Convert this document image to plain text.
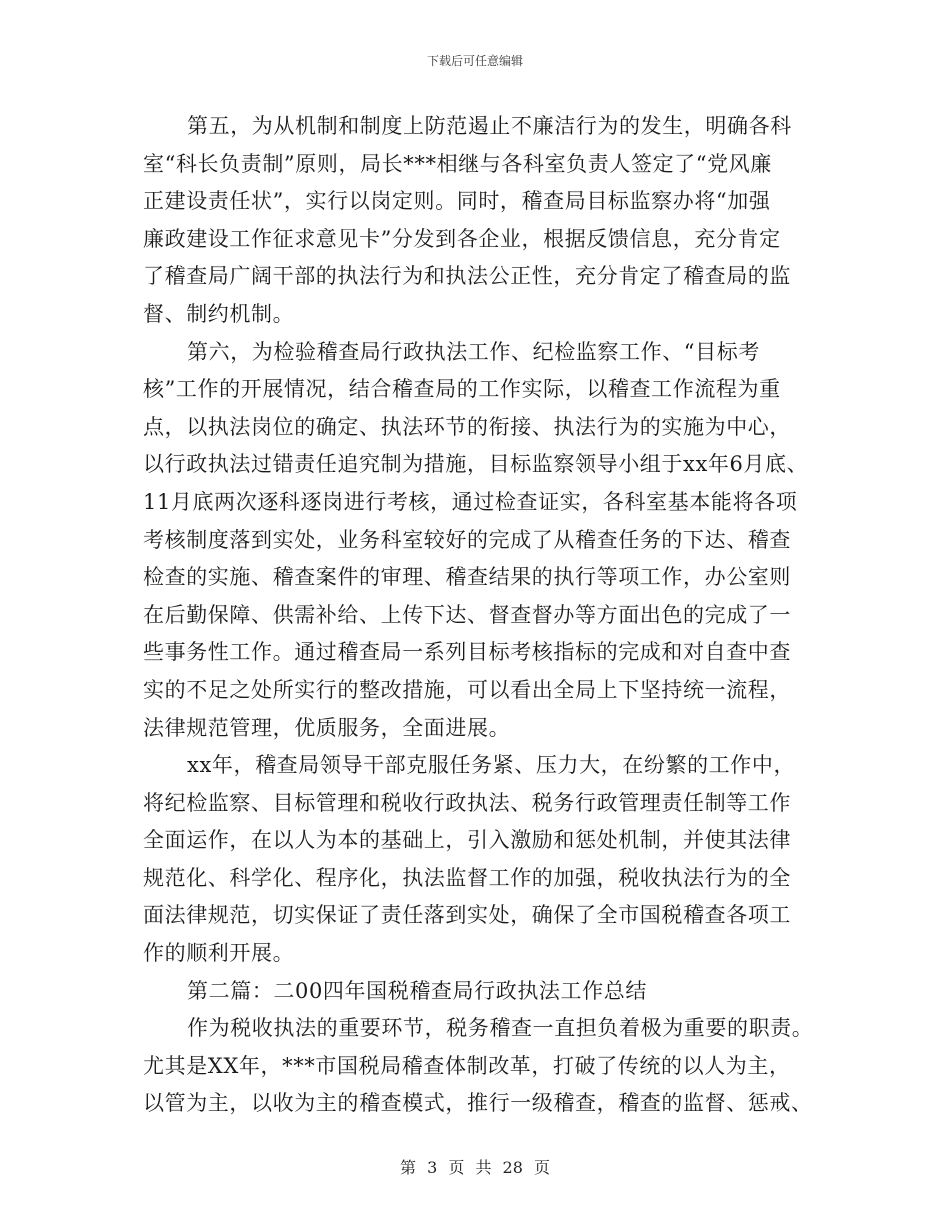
下载后可任意编辑
第五，为从机制和制度上防范遏止不廉洁行为的发生，明确各科
室“科长负责制”原则，局长***相继与各科室负责人签定了“党风廉
正建设责任状”，实行以岗定则。同时，稽查局目标监察办将“加强
廉政建设工作征求意见卡”分发到各企业，根据反馈信息，充分肯定
了稽查局广阔干部的执法行为和执法公正性，充分肯定了稽查局的监
督、制约机制。
第六，为检验稽查局行政执法工作、纪检监察工作、“目标考
核”工作的开展情况，结合稽查局的工作实际，以稽查工作流程为重
点，以执法岗位的确定、执法环节的衔接、执法行为的实施为中心，
以行政执法过错责任追究制为措施，目标监察领导小组于xx年6月底、
11月底两次逐科逐岗进行考核，通过检查证实，各科室基本能将各项
考核制度落到实处，业务科室较好的完成了从稽查任务的下达、稽查
检查的实施、稽查案件的审理、稽查结果的执行等项工作，办公室则
在后勤保障、供需补给、上传下达、督查督办等方面出色的完成了一
些事务性工作。通过稽查局一系列目标考核指标的完成和对自查中查
实的不足之处所实行的整改措施，可以看出全局上下坚持统一流程，
法律规范管理，优质服务，全面进展。
xx年，稽查局领导干部克服任务紧、压力大，在纷繁的工作中，
将纪检监察、目标管理和税收行政执法、税务行政管理责任制等工作
全面运作，在以人为本的基础上，引入激励和惩处机制，并使其法律
规范化、科学化、程序化，执法监督工作的加强，税收执法行为的全
面法律规范，切实保证了责任落到实处，确保了全市国税稽查各项工
作的顺利开展。
第二篇：二00四年国税稽查局行政执法工作总结
作为税收执法的重要环节，税务稽查一直担负着极为重要的职责。
尤其是XX年，***市国税局稽查体制改革，打破了传统的以人为主，
以管为主，以收为主的稽查模式，推行一级稽查，稽查的监督、惩戒、
第 3 页 共 28 页
